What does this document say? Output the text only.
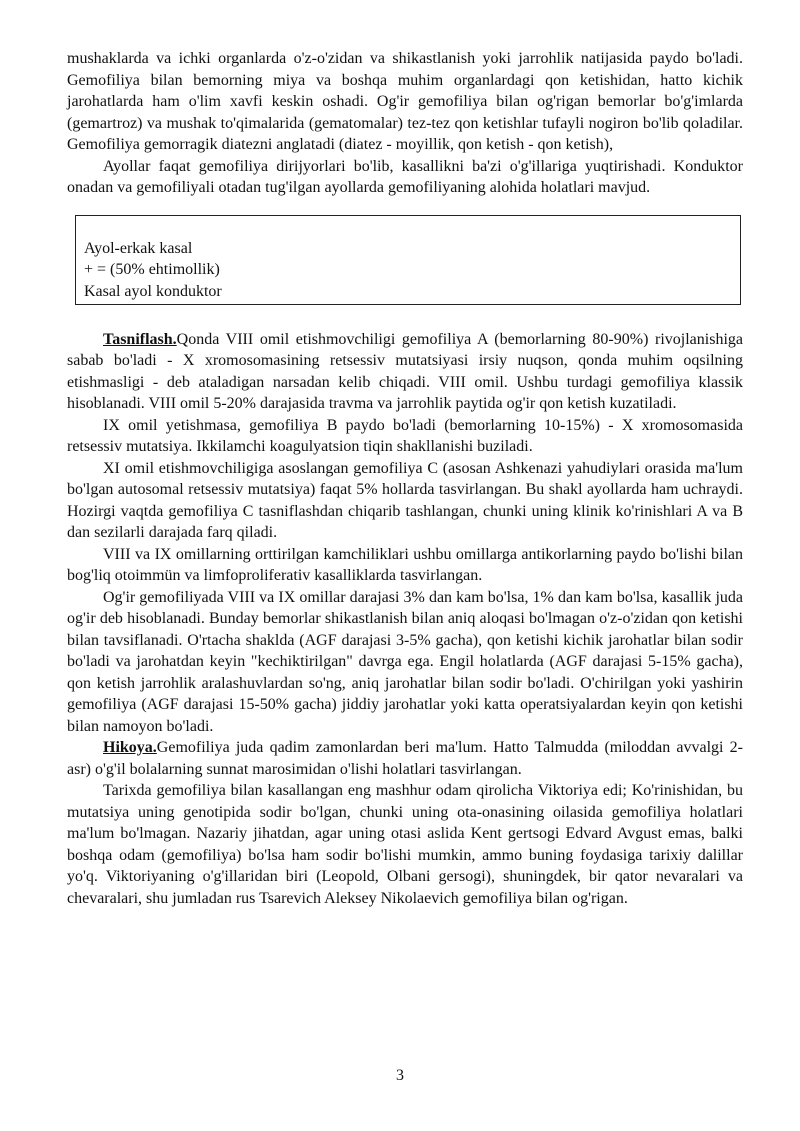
mushaklarda va ichki organlarda o'z-o'zidan va shikastlanish yoki jarrohlik natijasida paydo bo'ladi. Gemofiliya bilan bemorning miya va boshqa muhim organlardagi qon ketishidan, hatto kichik jarohatlarda ham o'lim xavfi keskin oshadi. Og'ir gemofiliya bilan og'rigan bemorlar bo'g'imlarda (gemartroz) va mushak to'qimalarida (gematomalar) tez-tez qon ketishlar tufayli nogiron bo'lib qoladilar. Gemofiliya gemorragik diatezni anglatadi (diatez - moyillik, qon ketish - qon ketish),

Ayollar faqat gemofiliya dirijyorlari bo'lib, kasallikni ba'zi o'g'illariga yuqtirishadi. Konduktor onadan va gemofiliyali otadan tug'ilgan ayollarda gemofiliyaning alohida holatlari mavjud.

Ayol-erkak kasal
+ = (50% ehtimollik)
Kasal ayol konduktor

Tasniflash.Qonda VIII omil etishmovchiligi gemofiliya A (bemorlarning 80-90%) rivojlanishiga sabab bo'ladi - X xromosomasining retsessiv mutatsiyasi irsiy nuqson, qonda muhim oqsilning etishmasligi - deb ataladigan narsadan kelib chiqadi. VIII omil. Ushbu turdagi gemofiliya klassik hisoblanadi. VIII omil 5-20% darajasida travma va jarrohlik paytida og'ir qon ketish kuzatiladi.

IX omil yetishmasa, gemofiliya B paydo bo'ladi (bemorlarning 10-15%) - X xromosomasida retsessiv mutatsiya. Ikkilamchi koagulyatsion tiqin shakllanishi buziladi.

XI omil etishmovchiligiga asoslangan gemofiliya C (asosan Ashkenazi yahudiylari orasida ma'lum bo'lgan autosomal retsessiv mutatsiya) faqat 5% hollarda tasvirlangan. Bu shakl ayollarda ham uchraydi. Hozirgi vaqtda gemofiliya C tasniflashdan chiqarib tashlangan, chunki uning klinik ko'rinishlari A va B dan sezilarli darajada farq qiladi.

VIII va IX omillarning orttirilgan kamchiliklari ushbu omillarga antikorlarning paydo bo'lishi bilan bog'liq otoimmün va limfoproliferativ kasalliklarda tasvirlangan.

Og'ir gemofiliyada VIII va IX omillar darajasi 3% dan kam bo'lsa, 1% dan kam bo'lsa, kasallik juda og'ir deb hisoblanadi. Bunday bemorlar shikastlanish bilan aniq aloqasi bo'lmagan o'z-o'zidan qon ketishi bilan tavsiflanadi. O'rtacha shaklda (AGF darajasi 3-5% gacha), qon ketishi kichik jarohatlar bilan sodir bo'ladi va jarohatdan keyin "kechiktirilgan" davrga ega. Engil holatlarda (AGF darajasi 5-15% gacha), qon ketish jarrohlik aralashuvlardan so'ng, aniq jarohatlar bilan sodir bo'ladi. O'chirilgan yoki yashirin gemofiliya (AGF darajasi 15-50% gacha) jiddiy jarohatlar yoki katta operatsiyalardan keyin qon ketishi bilan namoyon bo'ladi.

Hikoya.Gemofiliya juda qadim zamonlardan beri ma'lum. Hatto Talmudda (miloddan avvalgi 2-asr) o'g'il bolalarning sunnat marosimidan o'lishi holatlari tasvirlangan.

Tarixda gemofiliya bilan kasallangan eng mashhur odam qirolicha Viktoriya edi; Ko'rinishidan, bu mutatsiya uning genotipida sodir bo'lgan, chunki uning ota-onasining oilasida gemofiliya holatlari ma'lum bo'lmagan. Nazariy jihatdan, agar uning otasi aslida Kent gertsogi Edvard Avgust emas, balki boshqa odam (gemofiliya) bo'lsa ham sodir bo'lishi mumkin, ammo buning foydasiga tarixiy dalillar yo'q. Viktoriyaning o'g'illaridan biri (Leopold, Olbani gersogi), shuningdek, bir qator nevaralari va chevaralari, shu jumladan rus Tsarevich Aleksey Nikolaevich gemofiliya bilan og'rigan.

3
